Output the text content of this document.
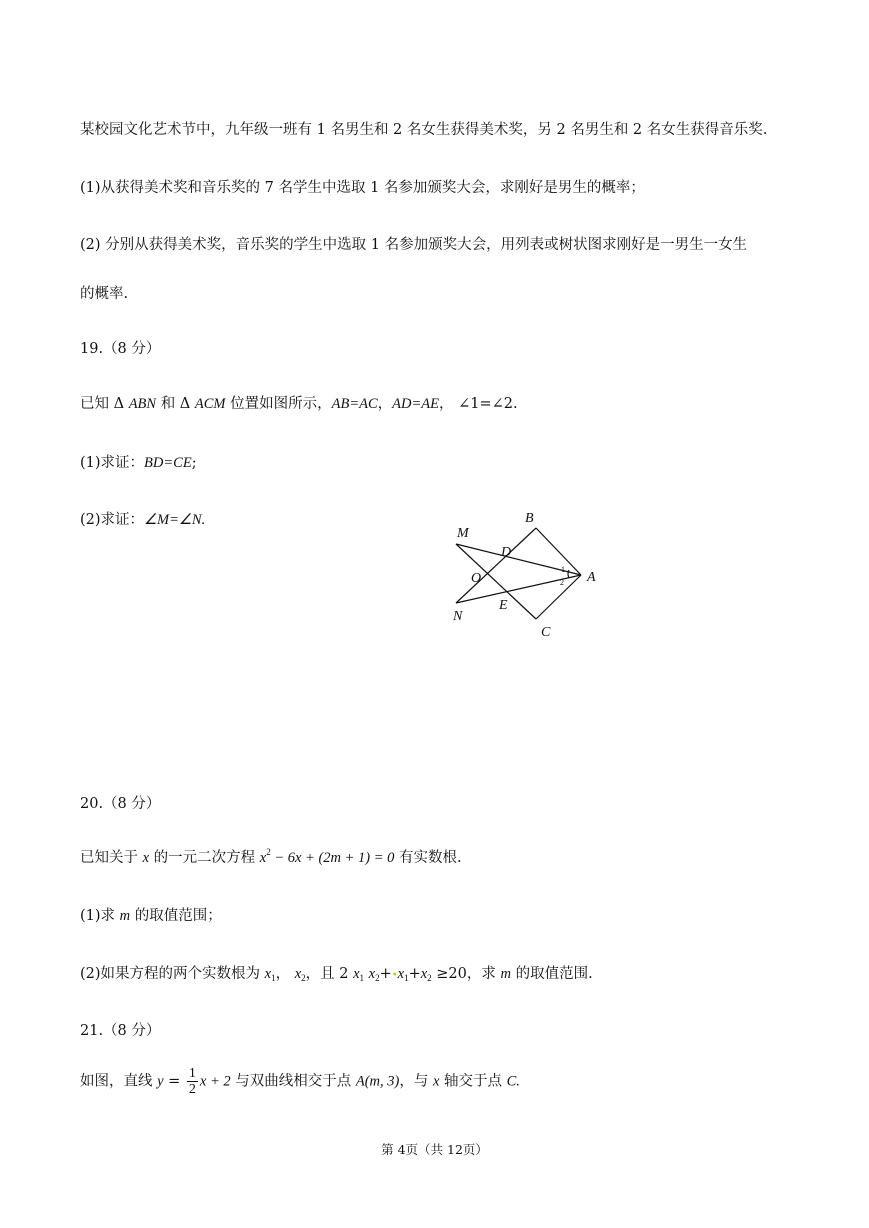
某校园文化艺术节中，九年级一班有 1 名男生和 2 名女生获得美术奖，另 2 名男生和 2 名女生获得音乐奖.
(1)从获得美术奖和音乐奖的 7 名学生中选取 1 名参加颁奖大会，求刚好是男生的概率；
(2) 分别从获得美术奖，音乐奖的学生中选取 1 名参加颁奖大会，用列表或树状图求刚好是一男生一女生
的概率.
19.（8 分）
已知 Δ ABN 和 Δ ACM 位置如图所示，AB=AC，AD=AE， ∠1=∠2.
(1)求证：BD=CE;
(2)求证：∠M=∠N.
M
B
D
O	A
N
E
C
1
2
20.（8 分）
已知关于 x 的一元二次方程 $x^2 - 6x + (2m + 1) = 0$ 有实数根.
(1)求 m 的取值范围；
(2)如果方程的两个实数根为 $x_1$， $x_2$，且 2 $x_1$ $x_2+•x_1+x_2 \ge 20$，求 m 的取值范围.
21.（8 分）
如图，直线 $y = \frac{1}{2}$ x + 2 与双曲线相交于点 A(m, 3)，与 x 轴交于点 C.
第 4页（共 12页）
